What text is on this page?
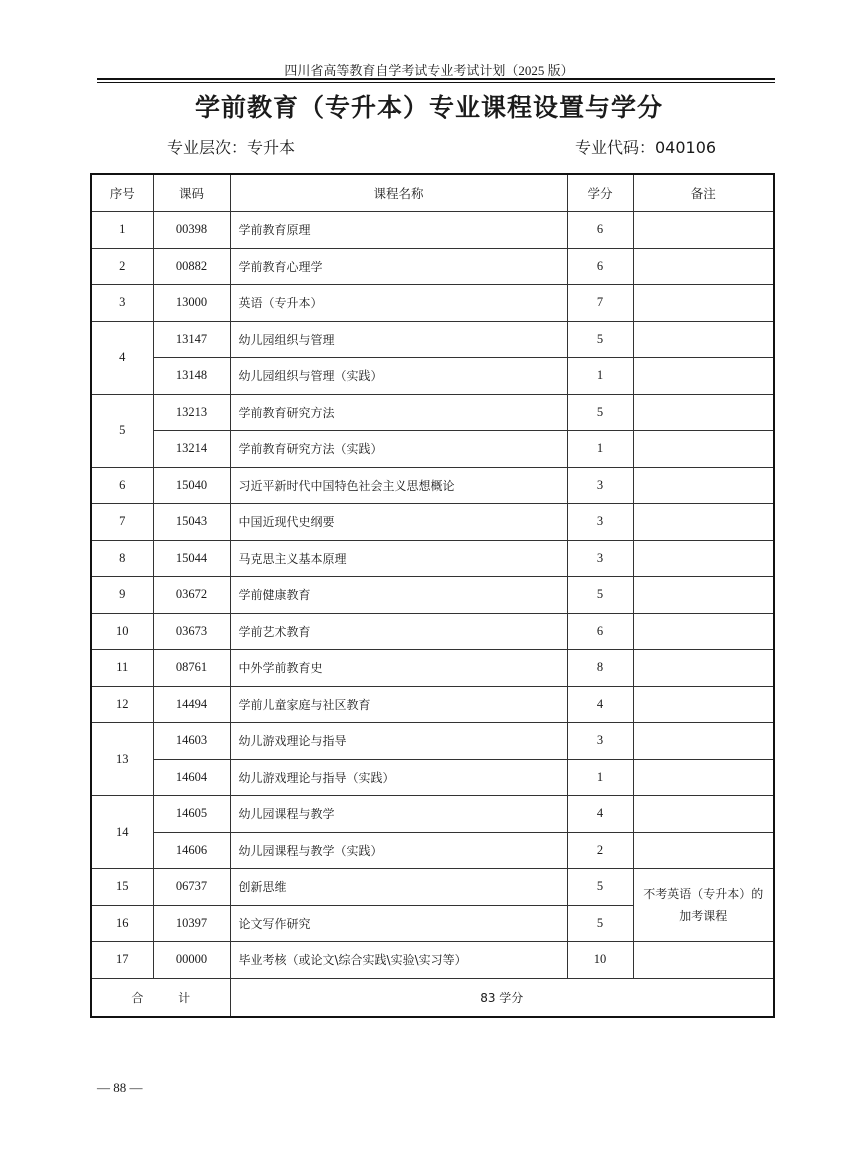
四川省高等教育自学考试专业考试计划（2025 版）
学前教育（专升本）专业课程设置与学分
专业层次：专升本	专业代码：040106
序号	课码	课程名称	学分	备注
1	00398	学前教育原理	6	
2	00882	学前教育心理学	6	
3	13000	英语（专升本）	7	
4	13147	幼儿园组织与管理	5	
	13148	幼儿园组织与管理（实践）	1	
5	13213	学前教育研究方法	5	
	13214	学前教育研究方法（实践）	1	
6	15040	习近平新时代中国特色社会主义思想概论	3	
7	15043	中国近现代史纲要	3	
8	15044	马克思主义基本原理	3	
9	03672	学前健康教育	5	
10	03673	学前艺术教育	6	
11	08761	中外学前教育史	8	
12	14494	学前儿童家庭与社区教育	4	
13	14603	幼儿游戏理论与指导	3	
	14604	幼儿游戏理论与指导（实践）	1	
14	14605	幼儿园课程与教学	4	
	14606	幼儿园课程与教学（实践）	2	
15	06737	创新思维	5	不考英语（专升本）的
加考课程

16	10397	论文写作研究	5	
17	00000	毕业考核（或论文\综合实践\实验\实习等）	10	

合 计		83 学分		
— 88 —
